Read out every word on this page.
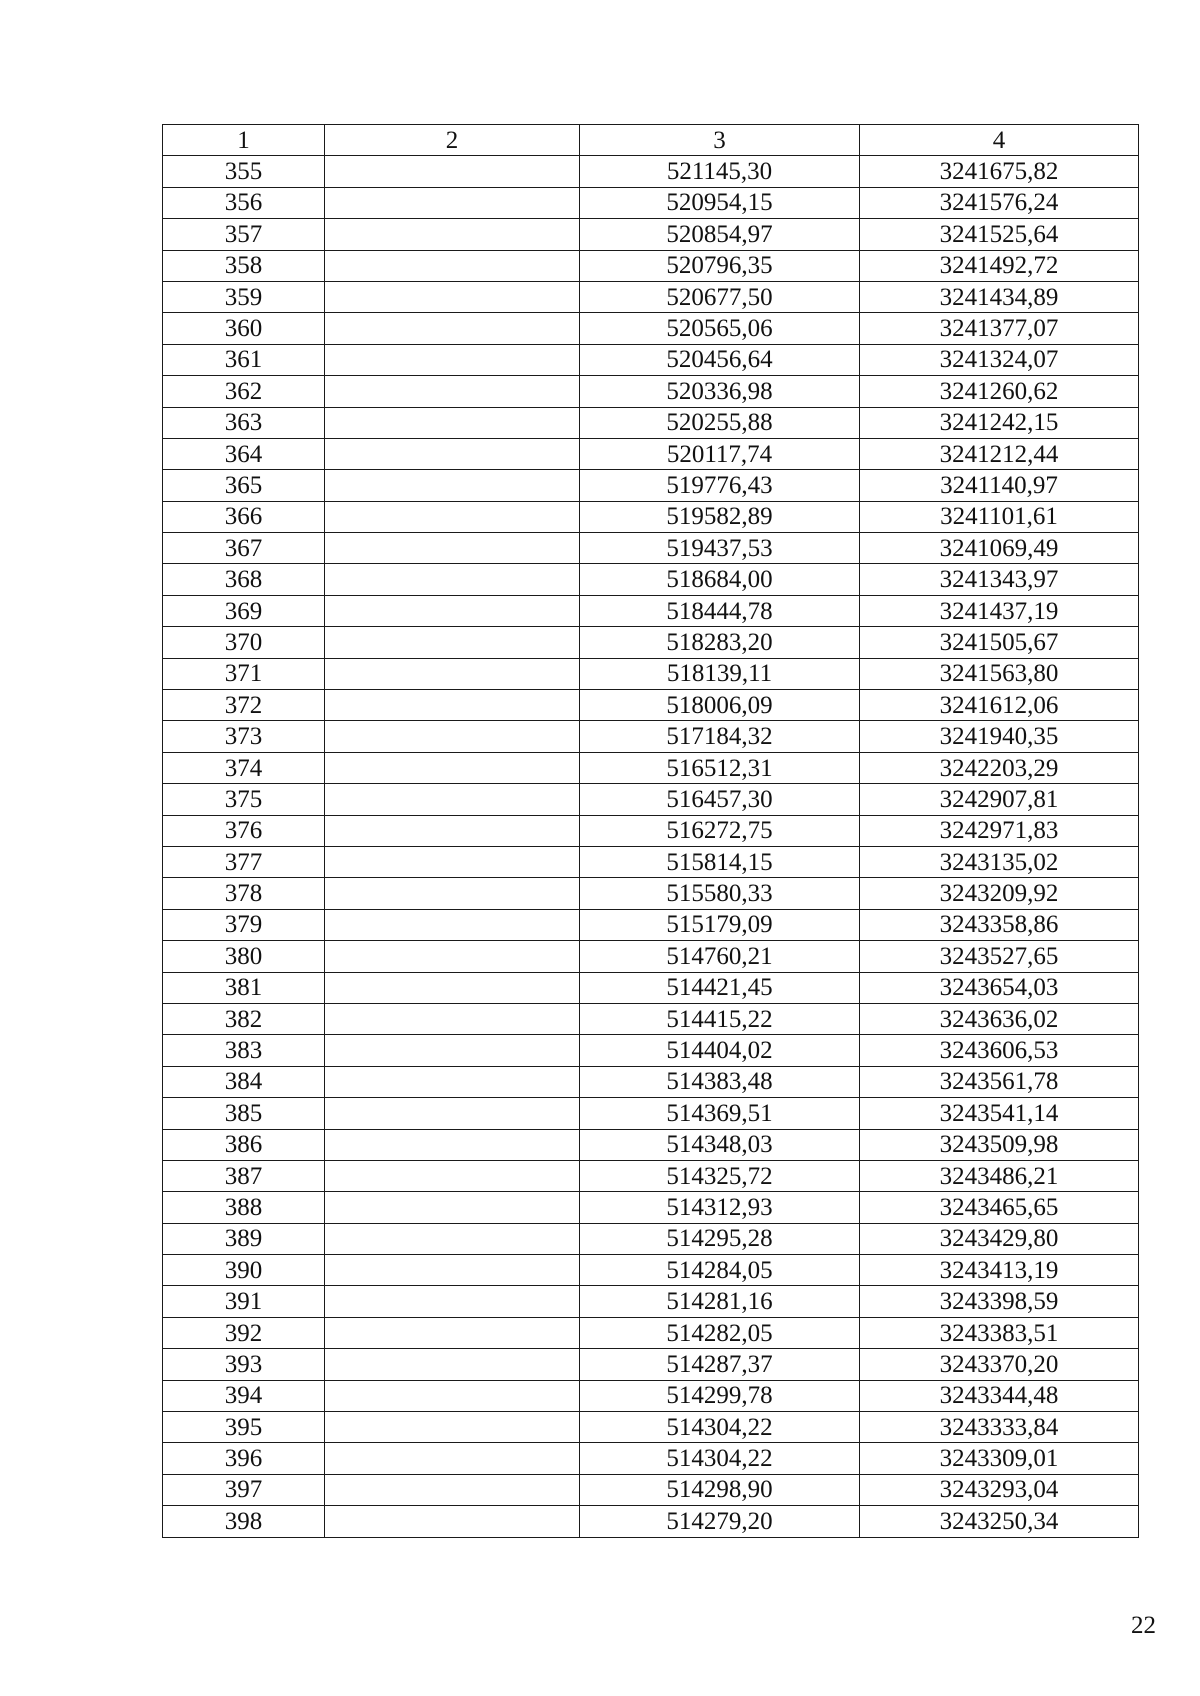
1	2	3	4
355		521145,30	3241675,82
356		520954,15	3241576,24
357		520854,97	3241525,64
358		520796,35	3241492,72
359		520677,50	3241434,89
360		520565,06	3241377,07
361		520456,64	3241324,07
362		520336,98	3241260,62
363		520255,88	3241242,15
364		520117,74	3241212,44
365		519776,43	3241140,97
366		519582,89	3241101,61
367		519437,53	3241069,49
368		518684,00	3241343,97
369		518444,78	3241437,19
370		518283,20	3241505,67
371		518139,11	3241563,80
372		518006,09	3241612,06
373		517184,32	3241940,35
374		516512,31	3242203,29
375		516457,30	3242907,81
376		516272,75	3242971,83
377		515814,15	3243135,02
378		515580,33	3243209,92
379		515179,09	3243358,86
380		514760,21	3243527,65
381		514421,45	3243654,03
382		514415,22	3243636,02
383		514404,02	3243606,53
384		514383,48	3243561,78
385		514369,51	3243541,14
386		514348,03	3243509,98
387		514325,72	3243486,21
388		514312,93	3243465,65
389		514295,28	3243429,80
390		514284,05	3243413,19
391		514281,16	3243398,59
392		514282,05	3243383,51
393		514287,37	3243370,20
394		514299,78	3243344,48
395		514304,22	3243333,84
396		514304,22	3243309,01
397		514298,90	3243293,04
398		514279,20	3243250,34
22
